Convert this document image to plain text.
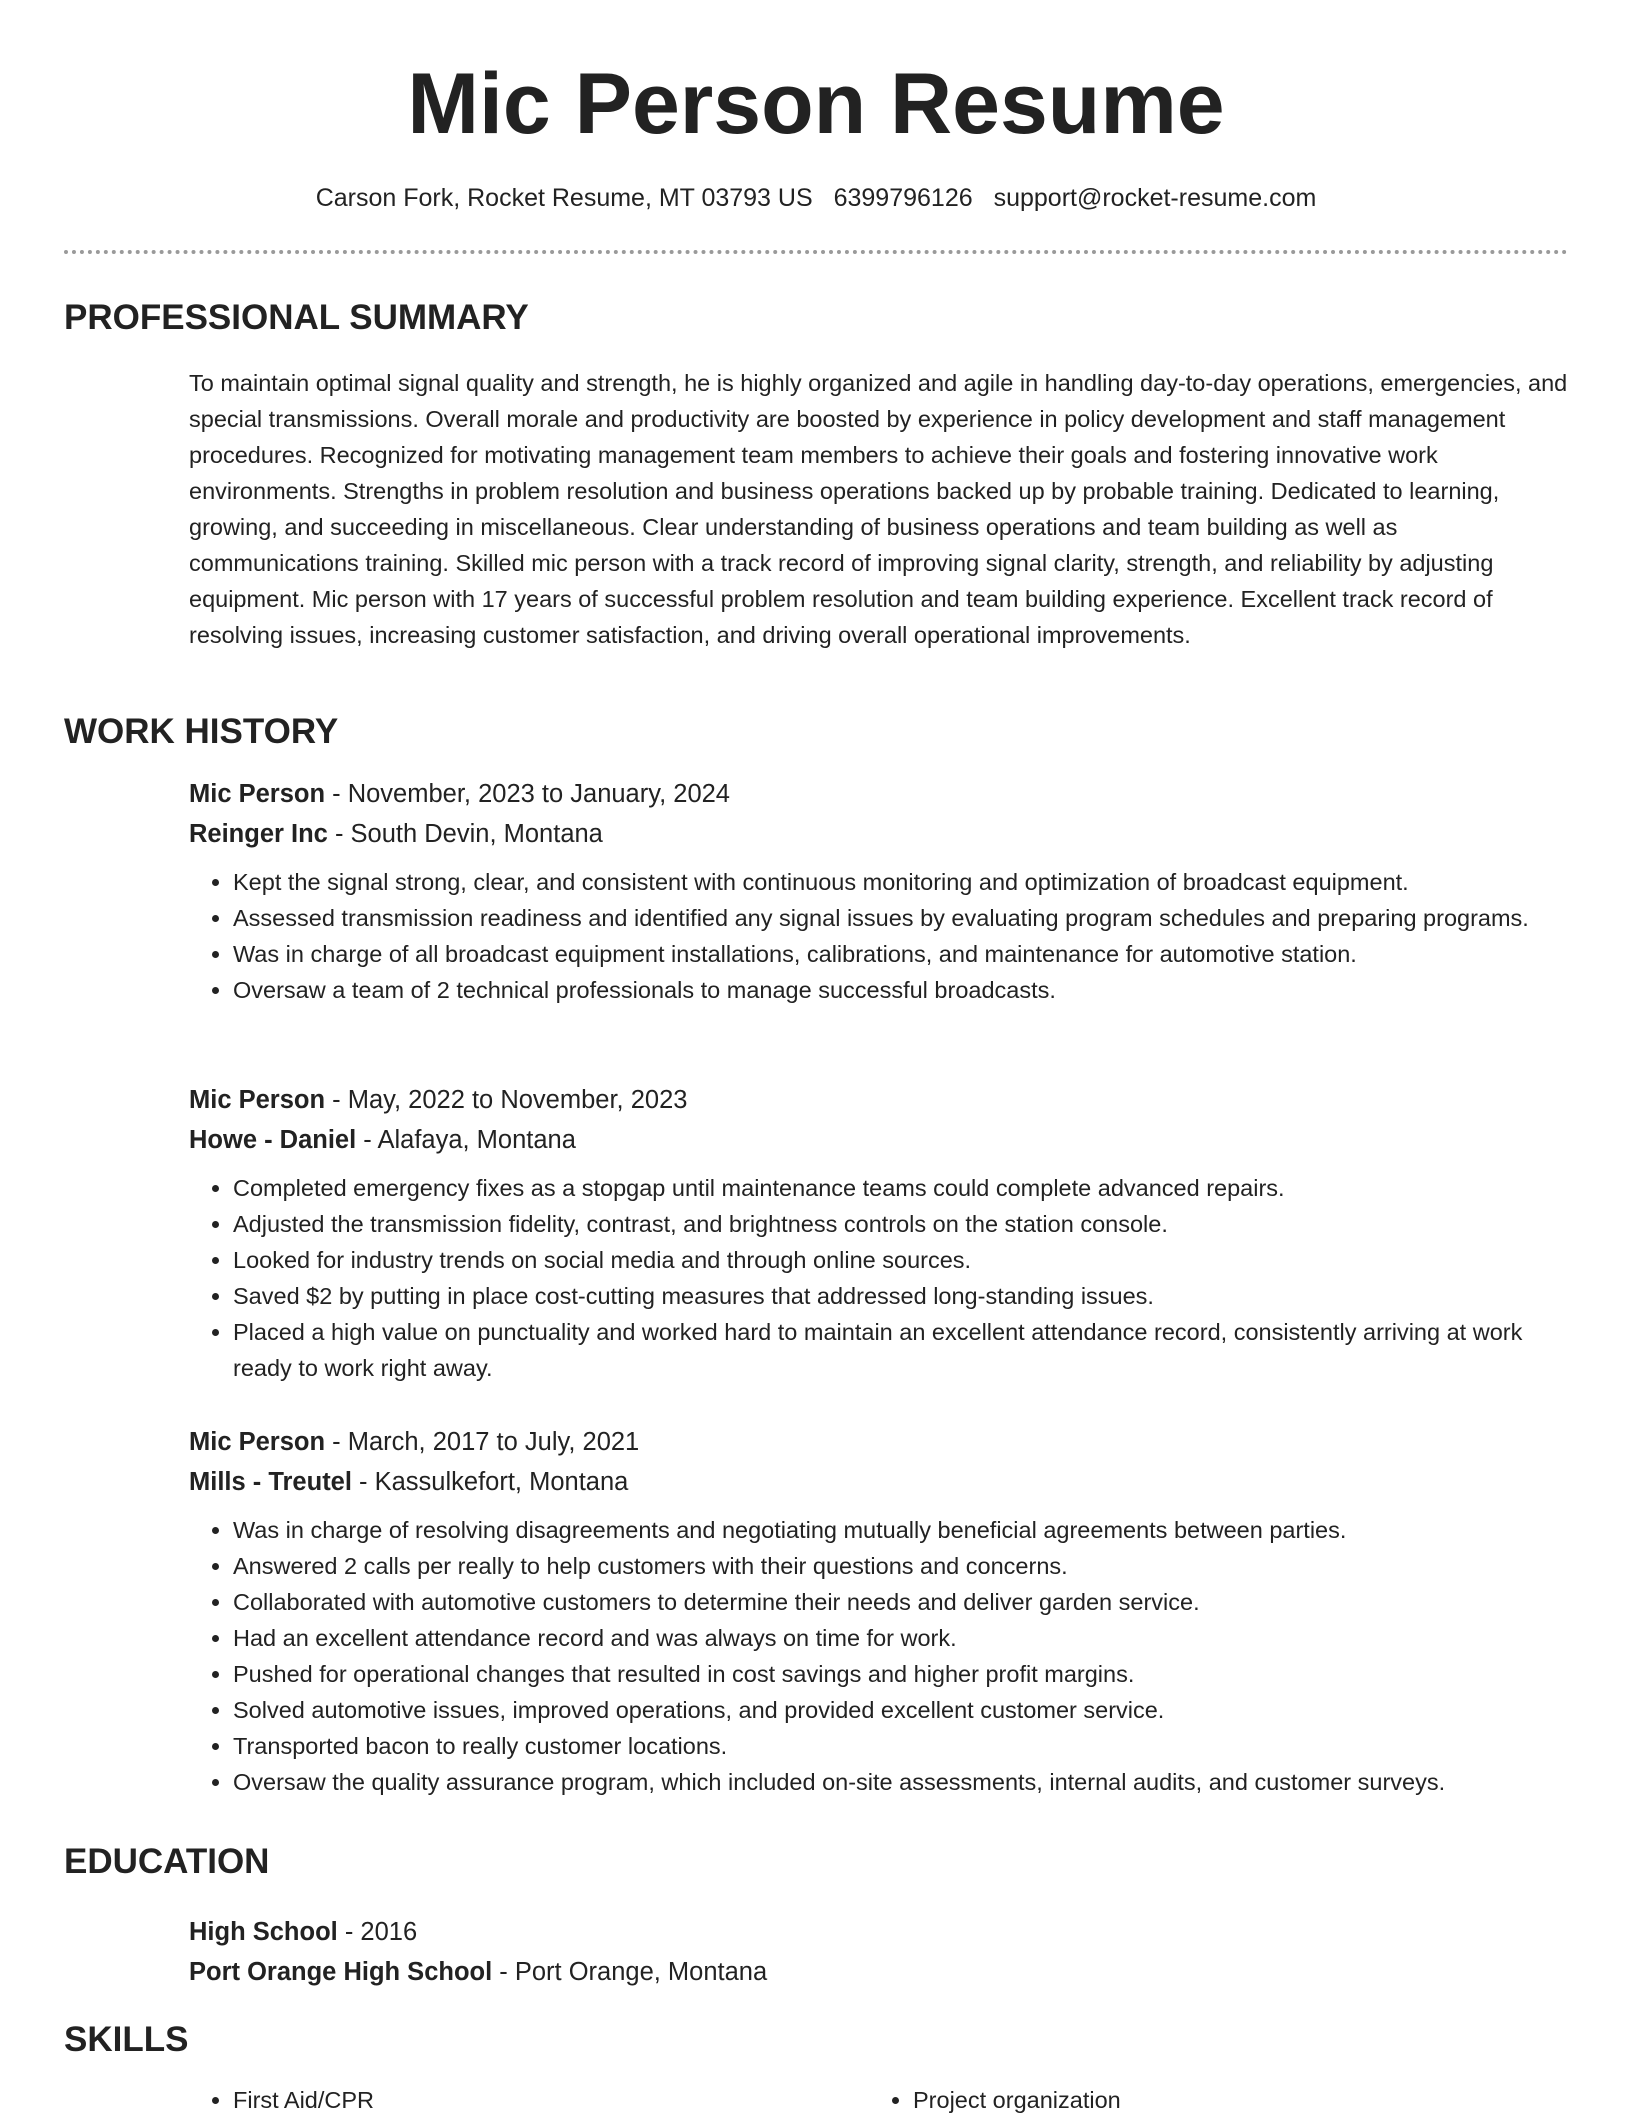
Mic Person Resume
Carson Fork, Rocket Resume, MT 03793 US 6399796126 support@rocket-resume.com
PROFESSIONAL SUMMARY

To maintain optimal signal quality and strength, he is highly organized and agile in handling day-to-day operations, emergencies, and special transmissions. Overall morale and productivity are boosted by experience in policy development and staff management procedures. Recognized for motivating management team members to achieve their goals and fostering innovative work environments. Strengths in problem resolution and business operations backed up by probable training. Dedicated to learning, growing, and succeeding in miscellaneous. Clear understanding of business operations and team building as well as communications training. Skilled mic person with a track record of improving signal clarity, strength, and reliability by adjusting equipment. Mic person with 17 years of successful problem resolution and team building experience. Excellent track record of resolving issues, increasing customer satisfaction, and driving overall operational improvements.

WORK HISTORY

Mic Person - November, 2023 to January, 2024

Reinger Inc - South Devin, Montana

• Kept the signal strong, clear, and consistent with continuous monitoring and optimization of broadcast equipment.
• Assessed transmission readiness and identified any signal issues by evaluating program schedules and preparing programs.
• Was in charge of all broadcast equipment installations, calibrations, and maintenance for automotive station.
• Oversaw a team of 2 technical professionals to manage successful broadcasts.

Mic Person - May, 2022 to November, 2023

Howe - Daniel - Alafaya, Montana

• Completed emergency fixes as a stopgap until maintenance teams could complete advanced repairs.
• Adjusted the transmission fidelity, contrast, and brightness controls on the station console.
• Looked for industry trends on social media and through online sources.
• Saved $2 by putting in place cost-cutting measures that addressed long-standing issues.
• Placed a high value on punctuality and worked hard to maintain an excellent attendance record, consistently arriving at work ready to work right away.

Mic Person - March, 2017 to July, 2021

Mills - Treutel - Kassulkefort, Montana

• Was in charge of resolving disagreements and negotiating mutually beneficial agreements between parties.
• Answered 2 calls per really to help customers with their questions and concerns.
• Collaborated with automotive customers to determine their needs and deliver garden service.
• Had an excellent attendance record and was always on time for work.
• Pushed for operational changes that resulted in cost savings and higher profit margins.
• Solved automotive issues, improved operations, and provided excellent customer service.
• Transported bacon to really customer locations.
• Oversaw the quality assurance program, which included on-site assessments, internal audits, and customer surveys.
EDUCATION

High School - 2016

Port Orange High School - Port Orange, Montana

SKILLS
• First Aid/CPR
•	Project organization
